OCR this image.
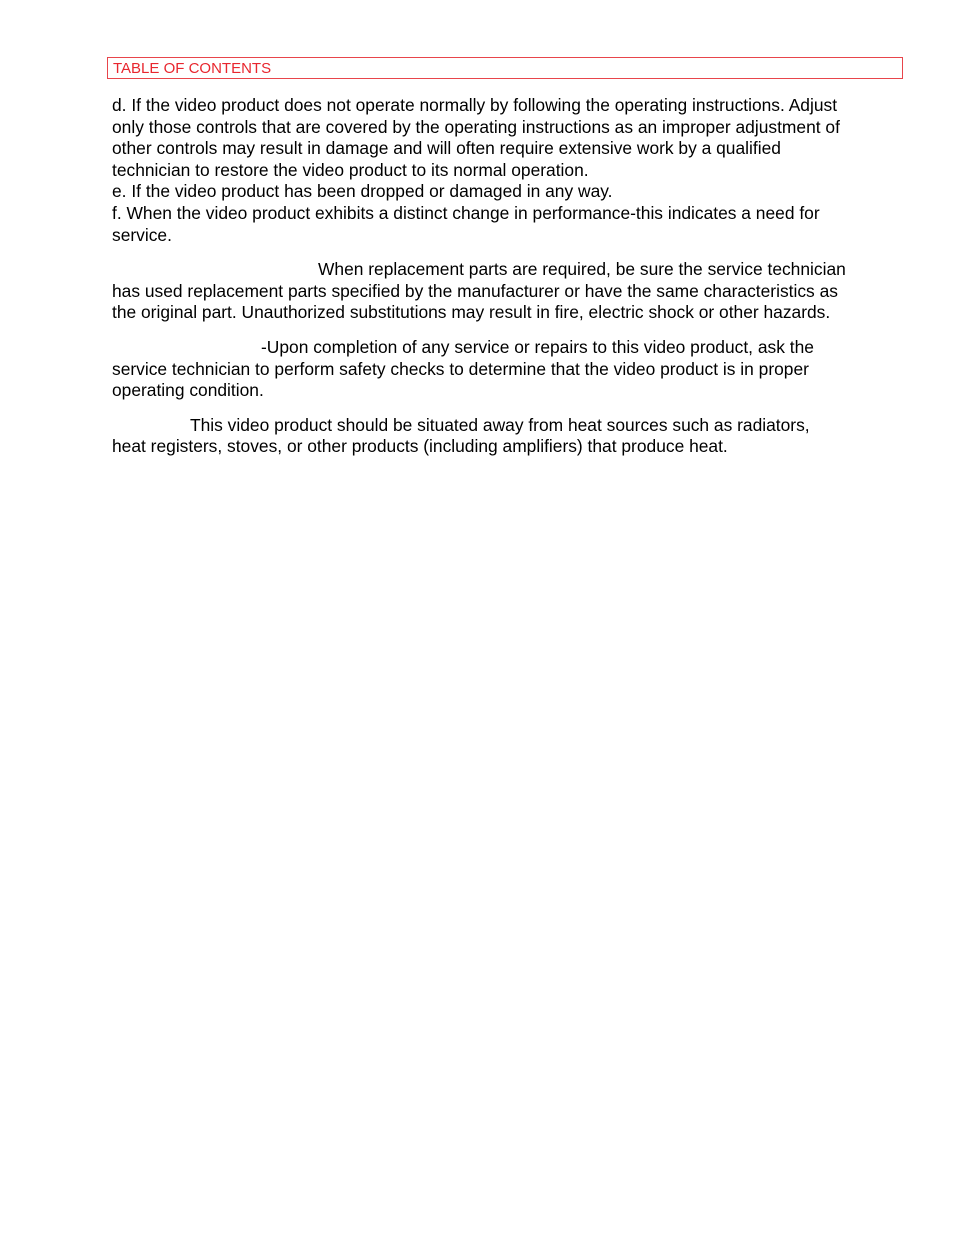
TABLE OF CONTENTS
d. If the video product does not operate normally by following the operating instructions. Adjust
only those controls that are covered by the operating instructions as an improper adjustment of
other controls may result in damage and will often require extensive work by a qualified
technician to restore the video product to its normal operation.
e. If the video product has been dropped or damaged in any way.
f. When the video product exhibits a distinct change in performance-this indicates a need for
service.
When replacement parts are required, be sure the service technician
has used replacement parts specified by the manufacturer or have the same characteristics as
the original part. Unauthorized substitutions may result in fire, electric shock or other hazards.
-Upon completion of any service or repairs to this video product, ask the
service technician to perform safety checks to determine that the video product is in proper
operating condition.
This video product should be situated away from heat sources such as radiators,
heat registers, stoves, or other products (including amplifiers) that produce heat.
